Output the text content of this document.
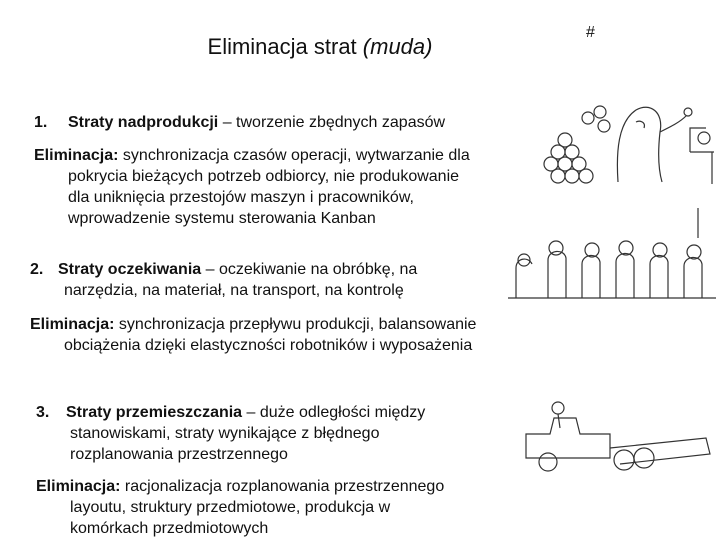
Eliminacja strat (muda)
#
1. Straty nadprodukcji – tworzenie zbędnych zapasów
Eliminacja: synchronizacja czasów operacji, wytwarzanie dla
pokrycia bieżących potrzeb odbiorcy, nie produkowanie
dla uniknięcia przestojów maszyn i pracowników,
wprowadzenie systemu sterowania Kanban
2. Straty oczekiwania – oczekiwanie na obróbkę, na
narzędzia, na materiał, na transport, na kontrolę
Eliminacja: synchronizacja przepływu produkcji, balansowanie
obciążenia dzięki elastyczności robotników i wyposażenia
3. Straty przemieszczania – duże odległości między
stanowiskami, straty wynikające z błędnego
rozplanowania przestrzennego
Eliminacja: racjonalizacja rozplanowania przestrzennego
layoutu, struktury przedmiotowe, produkcja w
komórkach przedmiotowych
